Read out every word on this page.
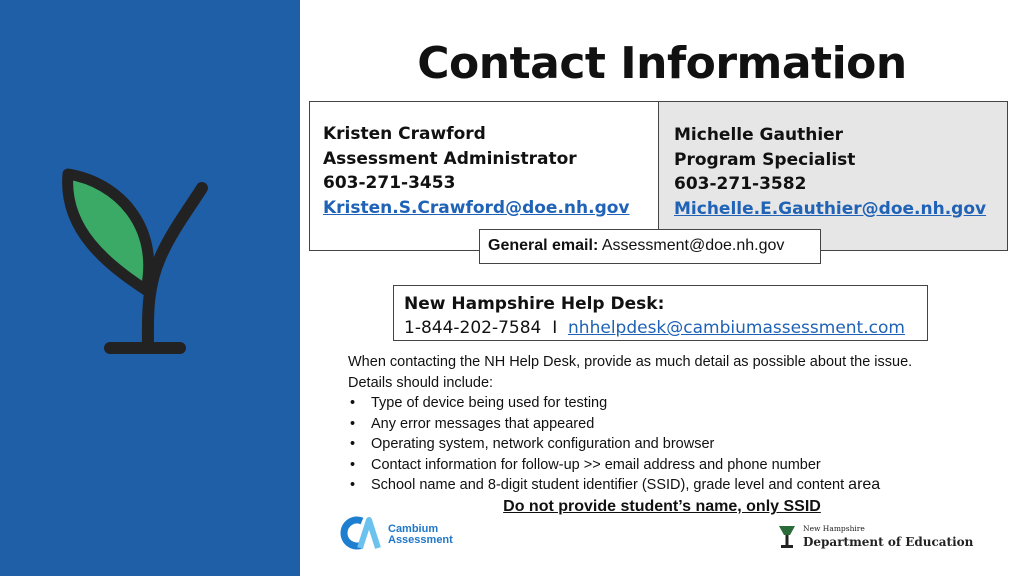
Contact Information
Kristen Crawford
Assessment Administrator
603-271-3453
Kristen.S.Crawford@doe.nh.gov
Michelle Gauthier
Program Specialist
603-271-3582
Michelle.E.Gauthier@doe.nh.gov
General email: Assessment@doe.nh.gov
New Hampshire Help Desk:
1-844-202-7584 I nhhelpdesk@cambiumassessment.com
When contacting the NH Help Desk, provide as much detail as possible about the issue.
Details should include:
• Type of device being used for testing
• Any error messages that appeared
• Operating system, network configuration and browser
• Contact information for follow-up >> email address and phone number
• School name and 8-digit student identifier (SSID), grade level and content area
Do not provide student’s name, only SSID
Cambium
Assessment
New Hampshire
Department of Education
